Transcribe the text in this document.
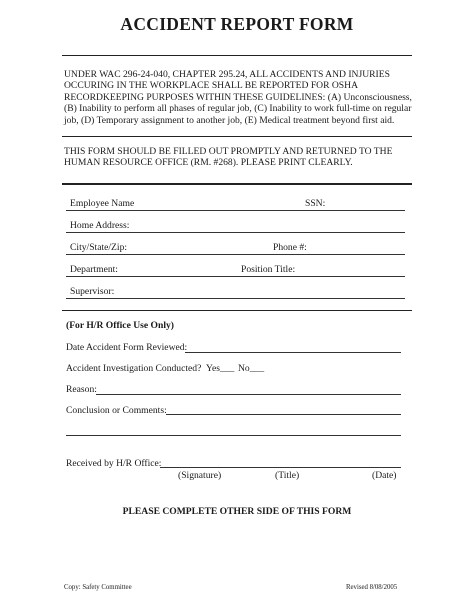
ACCIDENT REPORT FORM
UNDER WAC 296-24-040, CHAPTER 295.24, ALL ACCIDENTS AND INJURIES OCCURING IN THE WORKPLACE SHALL BE REPORTED FOR OSHA RECORDKEEPING PURPOSES WITHIN THESE GUIDELINES: (A) Unconsciousness, (B) Inability to perform all phases of regular job, (C) Inability to work full-time on regular job, (D) Temporary assignment to another job, (E) Medical treatment beyond first aid.
THIS FORM SHOULD BE FILLED OUT PROMPTLY AND RETURNED TO THE HUMAN RESOURCE OFFICE (RM. #268). PLEASE PRINT CLEARLY.
Employee Name	SSN:
Home Address:
City/State/Zip:	Phone #:
Department:	Position Title:
Supervisor:
(For H/R Office Use Only)
Date Accident Form Reviewed:
Accident Investigation Conducted? Yes___ No___
Reason:
Conclusion or Comments:
Received by H/R Office:
(Signature)	(Title)	(Date)
PLEASE COMPLETE OTHER SIDE OF THIS FORM
Copy: Safety Committee	Revised 8/08/2005
